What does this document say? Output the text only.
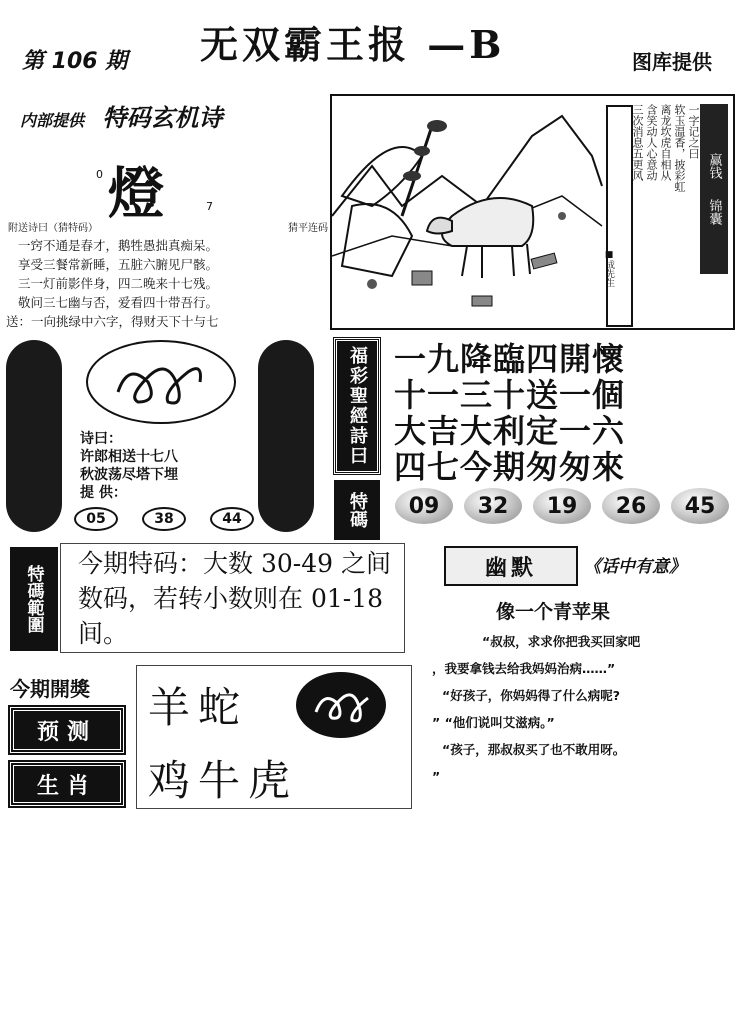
第 106 期 无双霸王报 —B	图库提供
内部提供 特码玄机诗
0 燈	7
附送诗曰（猜特码）	猜平连码
一窍不通是春才，鹅牲愚拙真痴呆。
享受三餐常新睡，五脏六腑见尸骸。
三一灯前影伴身，四二晚来十七残。
敬问三七幽与否，爱看四十带吾行。
送：一向挑绿中六字，得财天下十与七
一字记之曰
软玉温香，披彩虹
离龙坎虎自相从
含笑动人心意动
三次消息五更风	赢钱
锦囊
■成先生
诗曰：
许郎相送十七八
秋波荡尽塔下埋
提 供：
05	38	44
福彩聖經詩曰
特碼
一九降臨四開懷
十一三十送一個
大吉大利定一六
四七今期匆匆來
09	32	19	26	45
特碼範圍
今期特码：大数 30-49 之间数码，若转小数则在 01-18 间。
幽默	《话中有意》
像一个青苹果

“叔叔，求求你把我买回家吧

，我要拿钱去给我妈妈治病……”

“好孩子，你妈妈得了什么病呢?

” “他们说叫艾滋病。”

“孩子，那叔叔买了也不敢用呀。

”

今期開獎
预测
生肖
羊蛇
鸡牛虎
